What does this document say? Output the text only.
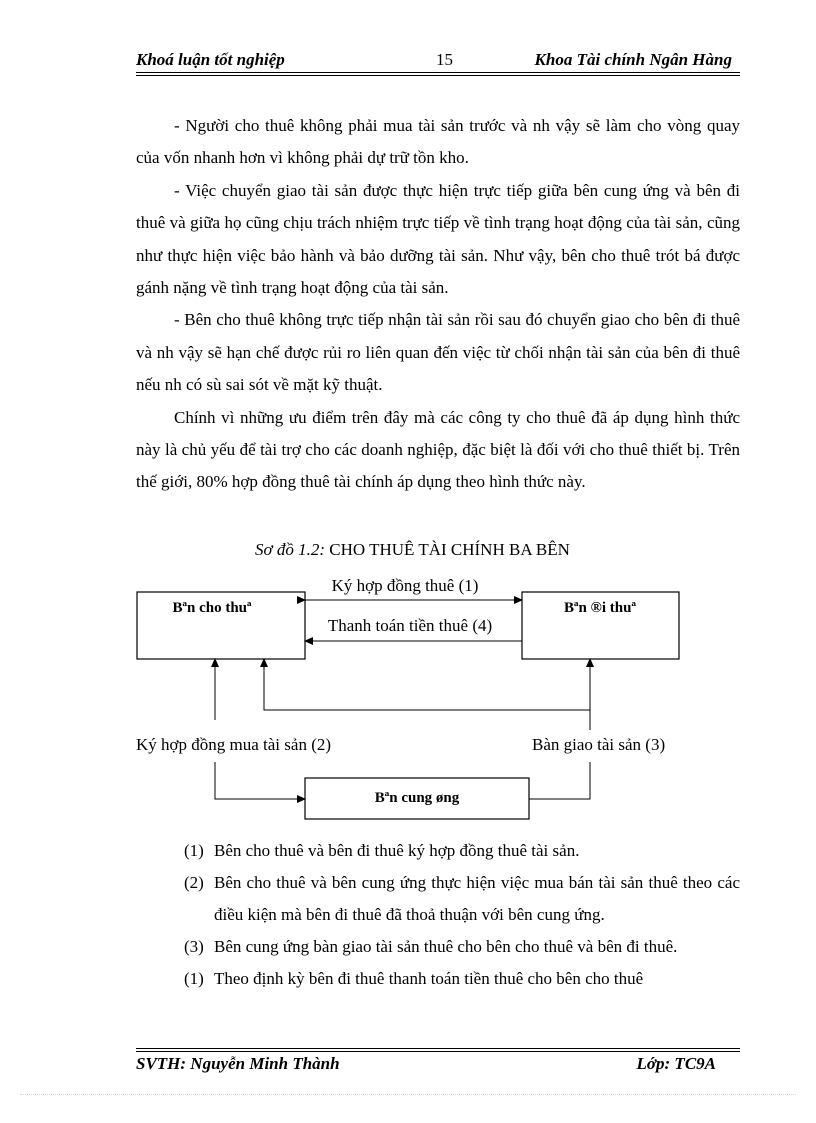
Khoá luận tốt nghiệp	15	Khoa Tài chính Ngân Hàng

- Người cho thuê không phải mua tài sản trước và nh vậy sẽ làm cho vòng quay của vốn nhanh hơn vì không phải dự trữ tồn kho.

- Việc chuyển giao tài sản được thực hiện trực tiếp giữa bên cung ứng và bên đi thuê và giữa họ cũng chịu trách nhiệm trực tiếp về tình trạng hoạt động của tài sản, cũng như thực hiện việc bảo hành và bảo dưỡng tài sản. Như vậy, bên cho thuê trót bá được gánh nặng về tình trạng hoạt động của tài sản.

- Bên cho thuê không trực tiếp nhận tài sản rồi sau đó chuyển giao cho bên đi thuê và nh vậy sẽ hạn chế được rủi ro liên quan đến việc từ chối nhận tài sản của bên đi thuê nếu nh có sù sai sót về mặt kỹ thuật.

Chính vì những ưu điểm trên đây mà các công ty cho thuê đã áp dụng hình thức này là chủ yếu để tài trợ cho các doanh nghiệp, đặc biệt là đối với cho thuê thiết bị. Trên thế giới, 80% hợp đồng thuê tài chính áp dụng theo hình thức này.

Sơ đồ 1.2: CHO THUÊ TÀI CHÍNH BA BÊN
Bªn cho thuª	Bªn ®i thuª
Bªn cung øng
Ký hợp đồng thuê (1)
Thanh toán tiền thuê (4)
Ký hợp đồng mua tài sản (2)	Bàn giao tài sản (3)
(1) Bên cho thuê và bên đi thuê ký hợp đồng thuê tài sản.
(2) Bên cho thuê và bên cung ứng thực hiện việc mua bán tài sản thuê theo các điều kiện mà bên đi thuê đã thoả thuận với bên cung ứng.
(3) Bên cung ứng bàn giao tài sản thuê cho bên cho thuê và bên đi thuê.
(1) Theo định kỳ bên đi thuê thanh toán tiền thuê cho bên cho thuê
SVTH: Nguyễn Minh Thành	Lớp: TC9A
